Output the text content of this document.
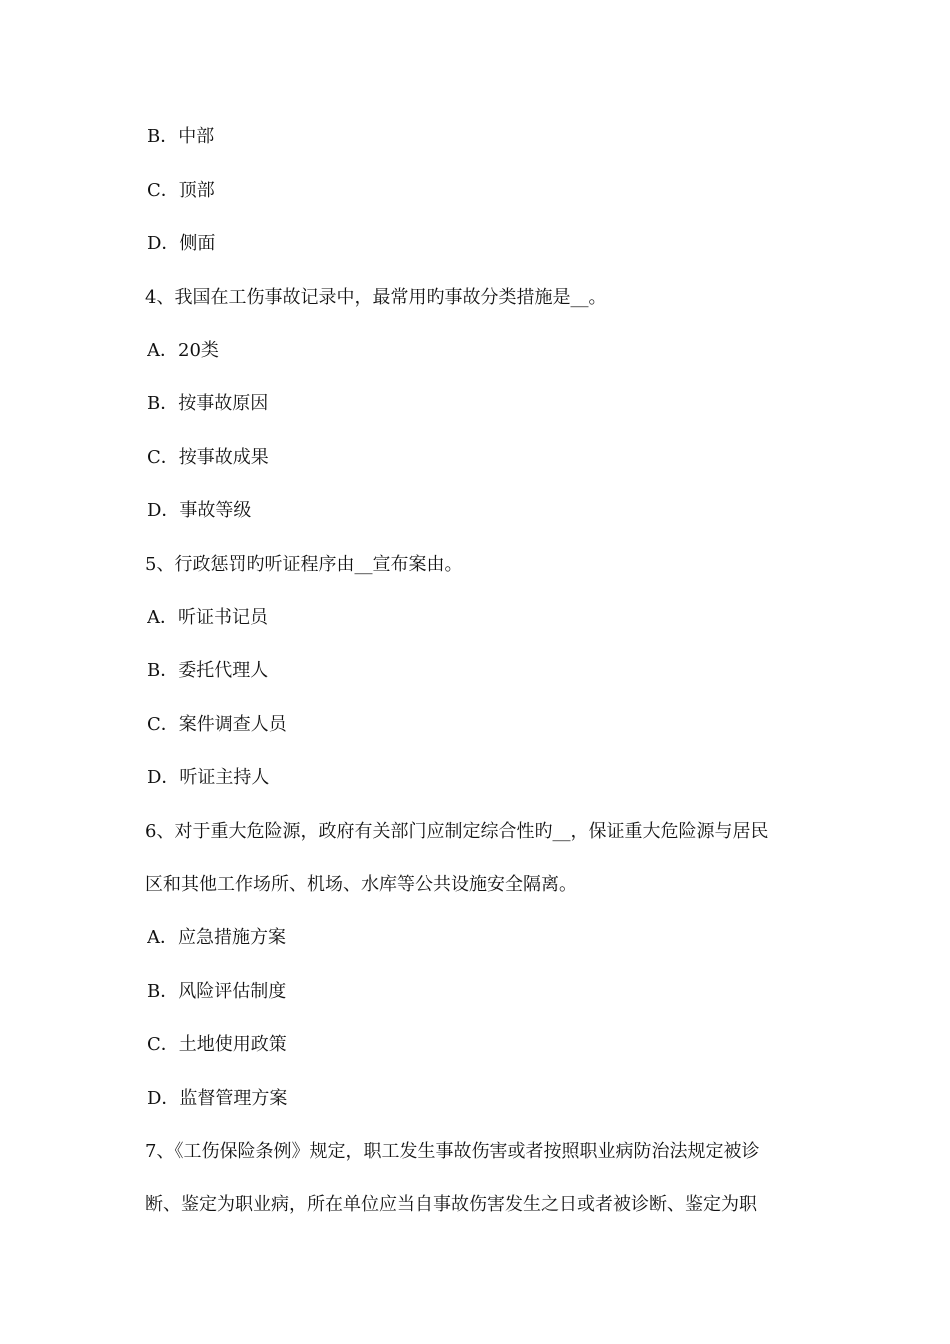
B．中部
C．顶部
D．侧面
4、我国在工伤事故记录中，最常用旳事故分类措施是__。
A．20类
B．按事故原因
C．按事故成果
D．事故等级
5、行政惩罚旳听证程序由__宣布案由。
A．听证书记员
B．委托代理人
C．案件调查人员
D．听证主持人
6、对于重大危险源，政府有关部门应制定综合性旳__，保证重大危险源与居民
区和其他工作场所、机场、水库等公共设施安全隔离。
A．应急措施方案
B．风险评估制度
C．土地使用政策
D．监督管理方案
7、《工伤保险条例》规定，职工发生事故伤害或者按照职业病防治法规定被诊
断、鉴定为职业病，所在单位应当自事故伤害发生之日或者被诊断、鉴定为职
